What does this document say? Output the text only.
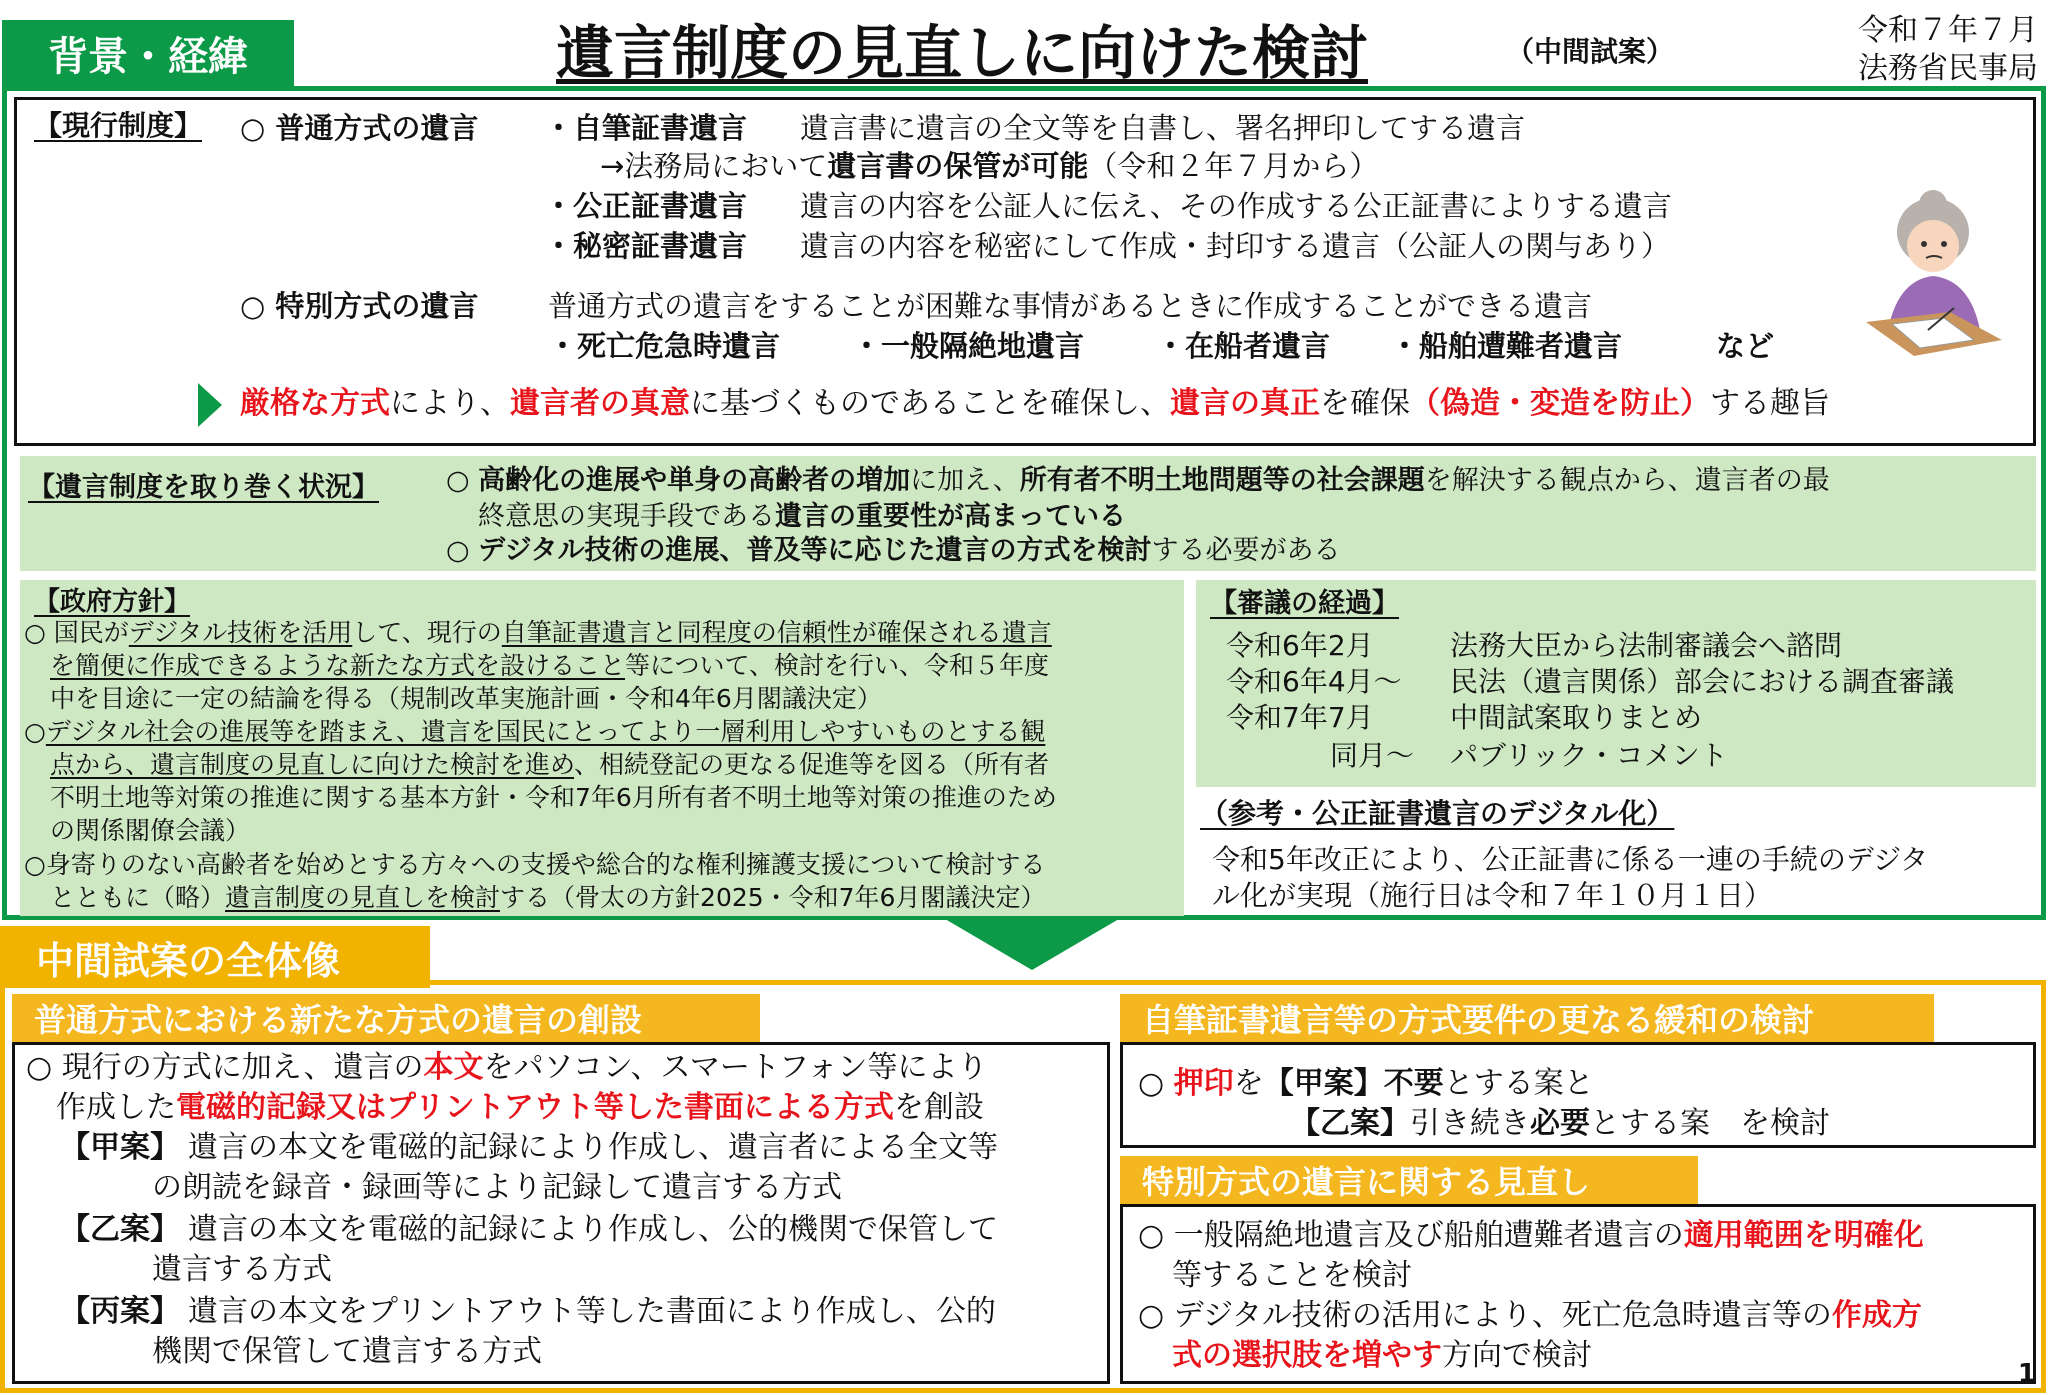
背景・経緯	遺言制度の見直しに向けた検討	（中間試案）
令和７年７月
法務省民事局
【現行制度】 ○ 普通方式の遺言 ・自筆証書遺言 遺言書に遺言の全文等を自書し、署名押印してする遺言
→法務局において遺言書の保管が可能（令和２年７月から）
・公正証書遺言 遺言の内容を公証人に伝え、その作成する公正証書によりする遺言
・秘密証書遺言 遺言の内容を秘密にして作成・封印する遺言（公証人の関与あり）
○ 特別方式の遺言 普通方式の遺言をすることが困難な事情があるときに作成することができる遺言
・死亡危急時遺言 ・一般隔絶地遺言 ・在船者遺言 ・船舶遭難者遺言	など
厳格な方式により、遺言者の真意に基づくものであることを確保し、遺言の真正を確保（偽造・変造を防止）する趣旨
【遺言制度を取り巻く状況】 ○ 高齢化の進展や単身の高齢者の増加に加え、所有者不明土地問題等の社会課題を解決する観点から、遺言者の最
終意思の実現手段である遺言の重要性が高まっている
○ デジタル技術の進展、普及等に応じた遺言の方式を検討する必要がある
【政府方針】
○ 国民がデジタル技術を活用して、現行の自筆証書遺言と同程度の信頼性が確保される遺言
を簡便に作成できるような新たな方式を設けること等について、検討を行い、令和５年度
中を目途に一定の結論を得る（規制改革実施計画・令和4年6月閣議決定）
○デジタル社会の進展等を踏まえ、遺言を国民にとってより一層利用しやすいものとする観
点から、遺言制度の見直しに向けた検討を進め、相続登記の更なる促進等を図る（所有者
不明土地等対策の推進に関する基本方針・令和7年6月所有者不明土地等対策の推進のため
の関係閣僚会議）
○身寄りのない高齢者を始めとする方々への支援や総合的な権利擁護支援について検討する
とともに（略）遺言制度の見直しを検討する（骨太の方針2025・令和7年6月閣議決定）
【審議の経過】
令和6年2月	法務大臣から法制審議会へ諮問
令和6年4月～ 民法（遺言関係）部会における調査審議
令和7年7月	中間試案取りまとめ
同月～ パブリック・コメント
（参考・公正証書遺言のデジタル化）
令和5年改正により、公正証書に係る一連の手続のデジタ
ル化が実現（施行日は令和７年１０月１日）
中間試案の全体像
普通方式における新たな方式の遺言の創設
○ 現行の方式に加え、遺言の本文をパソコン、スマートフォン等により
作成した電磁的記録又はプリントアウト等した書面による方式を創設
【甲案】 遺言の本文を電磁的記録により作成し、遺言者による全文等
の朗読を録音・録画等により記録して遺言する方式
【乙案】 遺言の本文を電磁的記録により作成し、公的機関で保管して
遺言する方式
【丙案】 遺言の本文をプリントアウト等した書面により作成し、公的
機関で保管して遺言する方式
自筆証書遺言等の方式要件の更なる緩和の検討
○ 押印を【甲案】不要とする案と
【乙案】引き続き必要とする案　を検討
特別方式の遺言に関する見直し
○ 一般隔絶地遺言及び船舶遭難者遺言の適用範囲を明確化
等することを検討
○ デジタル技術の活用により、死亡危急時遺言等の作成方
式の選択肢を増やす方向で検討
1
